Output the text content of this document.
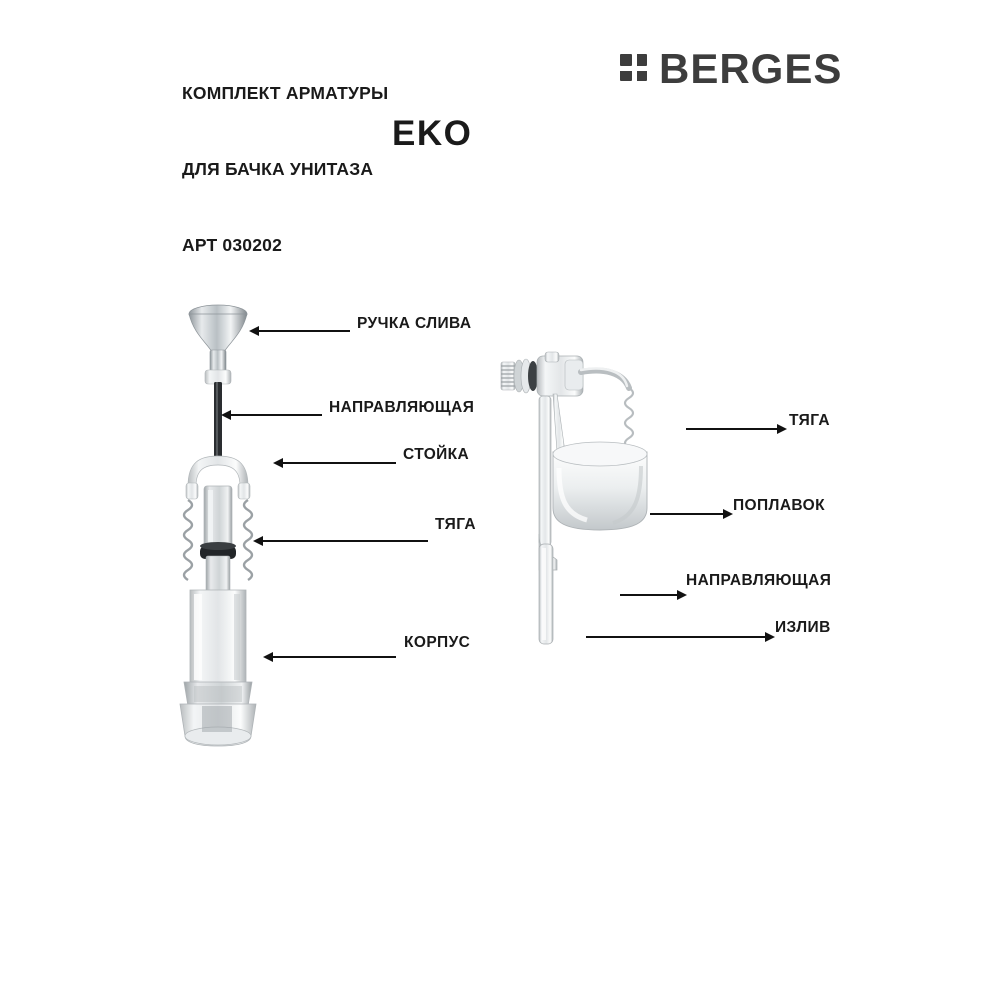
КОМПЛЕКТ АРМАТУРЫ

ДЛЯ БАЧКА УНИТАЗА

АРТ 030202

BERGES
EKO
РУЧКА СЛИВА
НАПРАВЛЯЮЩАЯ
СТОЙКА
ТЯГА
КОРПУС
ТЯГА
ПОПЛАВОК
НАПРАВЛЯЮЩАЯ
ИЗЛИВ
